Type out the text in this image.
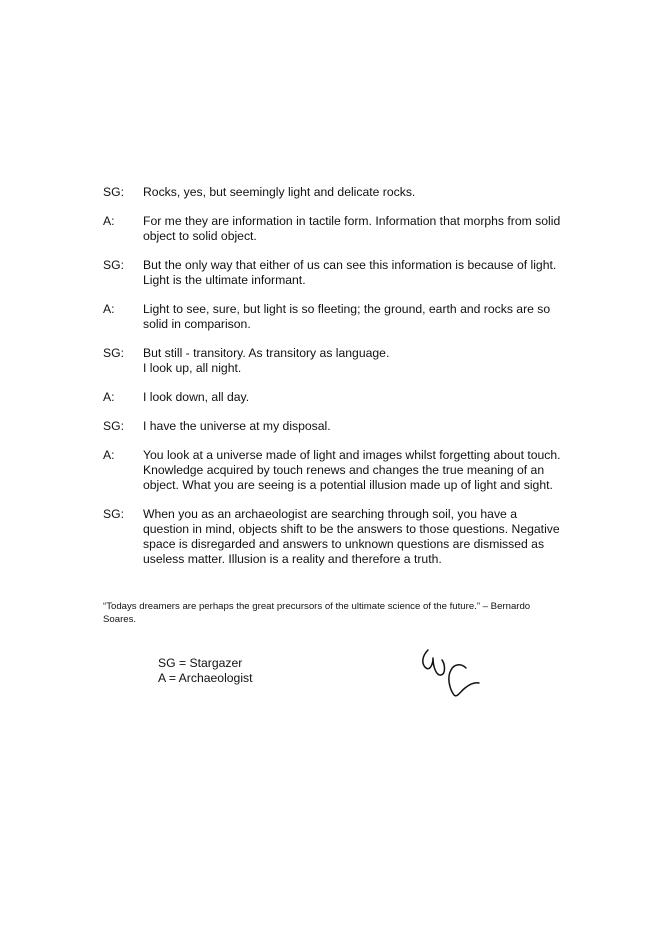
SG:	Rocks, yes, but seemingly light and delicate rocks.
A:	For me they are information in tactile form. Information that morphs from solid
object to solid object.
SG:	But the only way that either of us can see this information is because of light.
Light is the ultimate informant.
A:	Light to see, sure, but light is so fleeting; the ground, earth and rocks are so
solid in comparison.
SG:	But still - transitory. As transitory as language.
I look up, all night.
A:	I look down, all day.
SG:	I have the universe at my disposal.
A:	You look at a universe made of light and images whilst forgetting about touch.
Knowledge acquired by touch renews and changes the true meaning of an
object. What you are seeing is a potential illusion made up of light and sight.
SG:	When you as an archaeologist are searching through soil, you have a
question in mind, objects shift to be the answers to those questions. Negative
space is disregarded and answers to unknown questions are dismissed as
useless matter. Illusion is a reality and therefore a truth.
“Todays dreamers are perhaps the great precursors of the ultimate science of the future.” – Bernardo
Soares.
SG = Stargazer
A = Archaeologist
